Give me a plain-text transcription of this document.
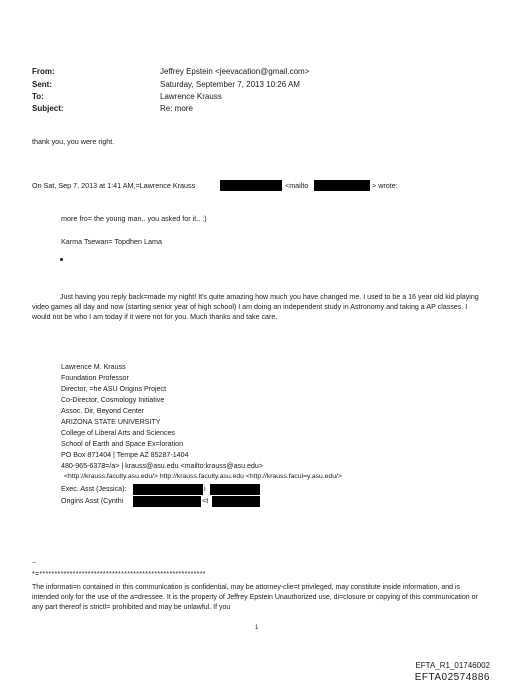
From:	Jeffrey Epstein <jeevacation@gmail.com>
Sent:	Saturday, September 7, 2013 10:26 AM
To:	Lawrence Krauss
Subject:	Re: more
thank you, you were right.
On Sat, Sep 7, 2013 at 1:41 AM,=Lawrence Krauss	<mailto	> wrote:
more fro= the young man.. you asked for it.. :)
Karma Tsewan= Topdhen Lama
Just having you reply back=made my night! It's quite amazing how much you have changed me. I used to be a 16 year old kid playing video games all day and now (starting senior year of high school) I am doing an independent study in Astronomy and taking a AP classes. I would not be who I am today if it were not for you. Much thanks and take care.
Lawrence M. Krauss
Foundation Professor
Director, =he ASU Origins Project
Co-Director, Cosmology Initiative
Assoc. Dir, Beyond Center
ARIZONA STATE UNIVERSITY
College of Liberal Arts and Sciences
School of Earth and Space Ex=loration
PO Box 871404 | Tempe AZ 85287-1404
480-965-6378=/a> | krauss@asu.edu <mailto:krauss@asu.edu>
<http://krauss.faculty.asu.edu/> http://krauss.faculty.asu.edu <http://krauss.facul=y.asu.edu/>
Exec. Asst (Jessica):	i
Origins Asst (Cynthi	<t
--
*=*******************************************************
The informati=n contained in this communication is confidential, may be attorney-clie=t privileged, may constitute inside information, and is intended only for the use of the a=dressee. It is the property of Jeffrey Epstein Unauthorized use, di=closure or copying of this communication or any part thereof is strictl= prohibited and may be unlawful. If you
1
EFTA_R1_01746002
EFTA02574886
